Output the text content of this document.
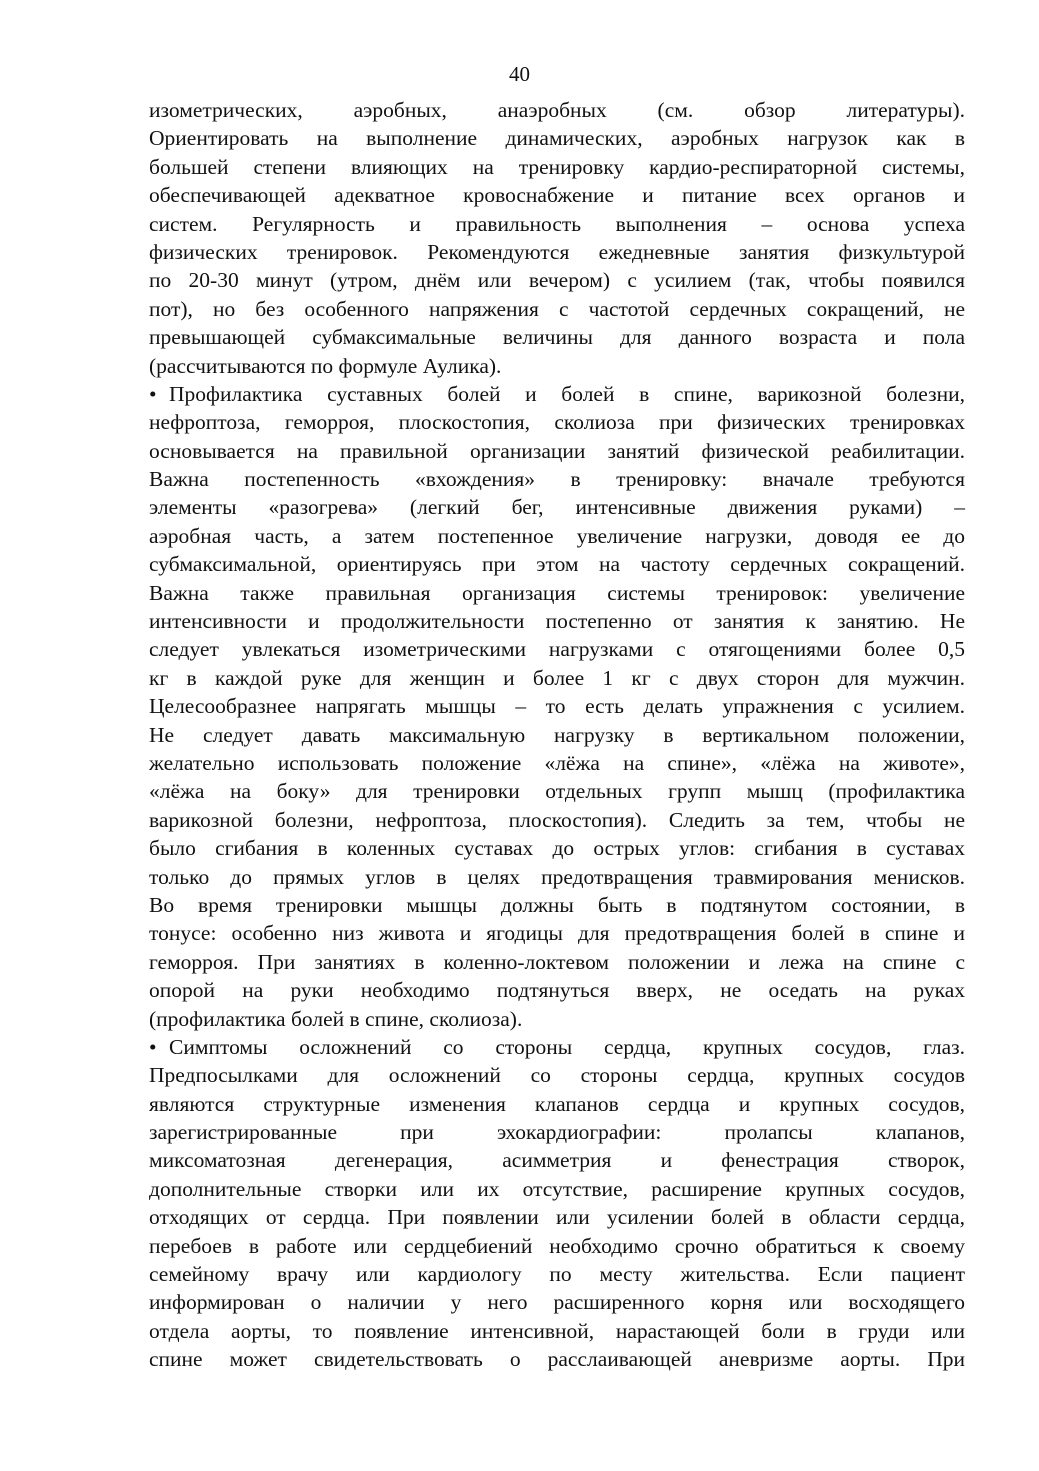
40
изометрических, аэробных, анаэробных (см. обзор литературы).
Ориентировать на выполнение динамических, аэробных нагрузок как в
большей степени влияющих на тренировку кардио-респираторной системы,
обеспечивающей адекватное кровоснабжение и питание всех органов и
систем. Регулярность и правильность выполнения – основа успеха
физических тренировок. Рекомендуются ежедневные занятия физкультурой
по 20-30 минут (утром, днём или вечером) с усилием (так, чтобы появился
пот), но без особенного напряжения с частотой сердечных сокращений, не
превышающей субмаксимальные величины для данного возраста и пола
(рассчитываются по формуле Аулика).
• Профилактика суставных болей и болей в спине, варикозной болезни,
нефроптоза, геморроя, плоскостопия, сколиоза при физических тренировках
основывается на правильной организации занятий физической реабилитации.
Важна постепенность «вхождения» в тренировку: вначале требуются
элементы «разогрева» (легкий бег, интенсивные движения руками) –
аэробная часть, а затем постепенное увеличение нагрузки, доводя ее до
субмаксимальной, ориентируясь при этом на частоту сердечных сокращений.
Важна также правильная организация системы тренировок: увеличение
интенсивности и продолжительности постепенно от занятия к занятию. Не
следует увлекаться изометрическими нагрузками с отягощениями более 0,5
кг в каждой руке для женщин и более 1 кг с двух сторон для мужчин.
Целесообразнее напрягать мышцы – то есть делать упражнения с усилием.
Не следует давать максимальную нагрузку в вертикальном положении,
желательно использовать положение «лёжа на спине», «лёжа на животе»,
«лёжа на боку» для тренировки отдельных групп мышц (профилактика
варикозной болезни, нефроптоза, плоскостопия). Следить за тем, чтобы не
было сгибания в коленных суставах до острых углов: сгибания в суставах
только до прямых углов в целях предотвращения травмирования менисков.
Во время тренировки мышцы должны быть в подтянутом состоянии, в
тонусе: особенно низ живота и ягодицы для предотвращения болей в спине и
геморроя. При занятиях в коленно-локтевом положении и лежа на спине с
опорой на руки необходимо подтянуться вверх, не оседать на руках
(профилактика болей в спине, сколиоза).
• Симптомы осложнений со стороны сердца, крупных сосудов, глаз.
Предпосылками для осложнений со стороны сердца, крупных сосудов
являются структурные изменения клапанов сердца и крупных сосудов,
зарегистрированные при эхокардиографии: пролапсы клапанов,
миксоматозная дегенерация, асимметрия и фенестрация створок,
дополнительные створки или их отсутствие, расширение крупных сосудов,
отходящих от сердца. При появлении или усилении болей в области сердца,
перебоев в работе или сердцебиений необходимо срочно обратиться к своему
семейному врачу или кардиологу по месту жительства. Если пациент
информирован о наличии у него расширенного корня или восходящего
отдела аорты, то появление интенсивной, нарастающей боли в груди или
спине может свидетельствовать о расслаивающей аневризме аорты. При
